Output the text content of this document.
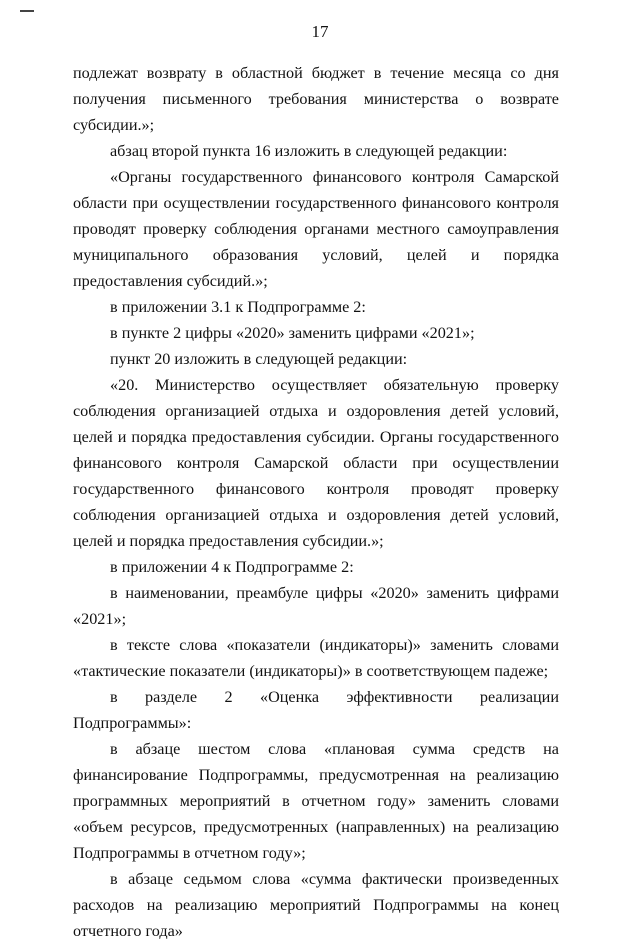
17

подлежат возврату в областной бюджет в течение месяца со дня получения письменного требования министерства о возврате субсидии.»;

абзац второй пункта 16 изложить в следующей редакции:

«Органы государственного финансового контроля Самарской области при осуществлении государственного финансового контроля проводят проверку соблюдения органами местного самоуправления муниципального образования условий, целей и порядка предоставления субсидий.»;

в приложении 3.1 к Подпрограмме 2:

в пункте 2 цифры «2020» заменить цифрами «2021»;

пункт 20 изложить в следующей редакции:

«20. Министерство осуществляет обязательную проверку соблюдения организацией отдыха и оздоровления детей условий, целей и порядка предоставления субсидии. Органы государственного финансового контроля Самарской области при осуществлении государственного финансового контроля проводят проверку соблюдения организацией отдыха и оздоровления детей условий, целей и порядка предоставления субсидии.»;

в приложении 4 к Подпрограмме 2:

в наименовании, преамбуле цифры «2020» заменить цифрами «2021»;

в тексте слова «показатели (индикаторы)» заменить словами «тактические показатели (индикаторы)» в соответствующем падеже;

в разделе 2 «Оценка эффективности реализации Подпрограммы»:

в абзаце шестом слова «плановая сумма средств на финансирование Подпрограммы, предусмотренная на реализацию программных мероприятий в отчетном году» заменить словами «объем ресурсов, предусмотренных (направленных) на реализацию Подпрограммы в отчетном году»;

в абзаце седьмом слова «сумма фактически произведенных расходов на реализацию мероприятий Подпрограммы на конец отчетного года»
